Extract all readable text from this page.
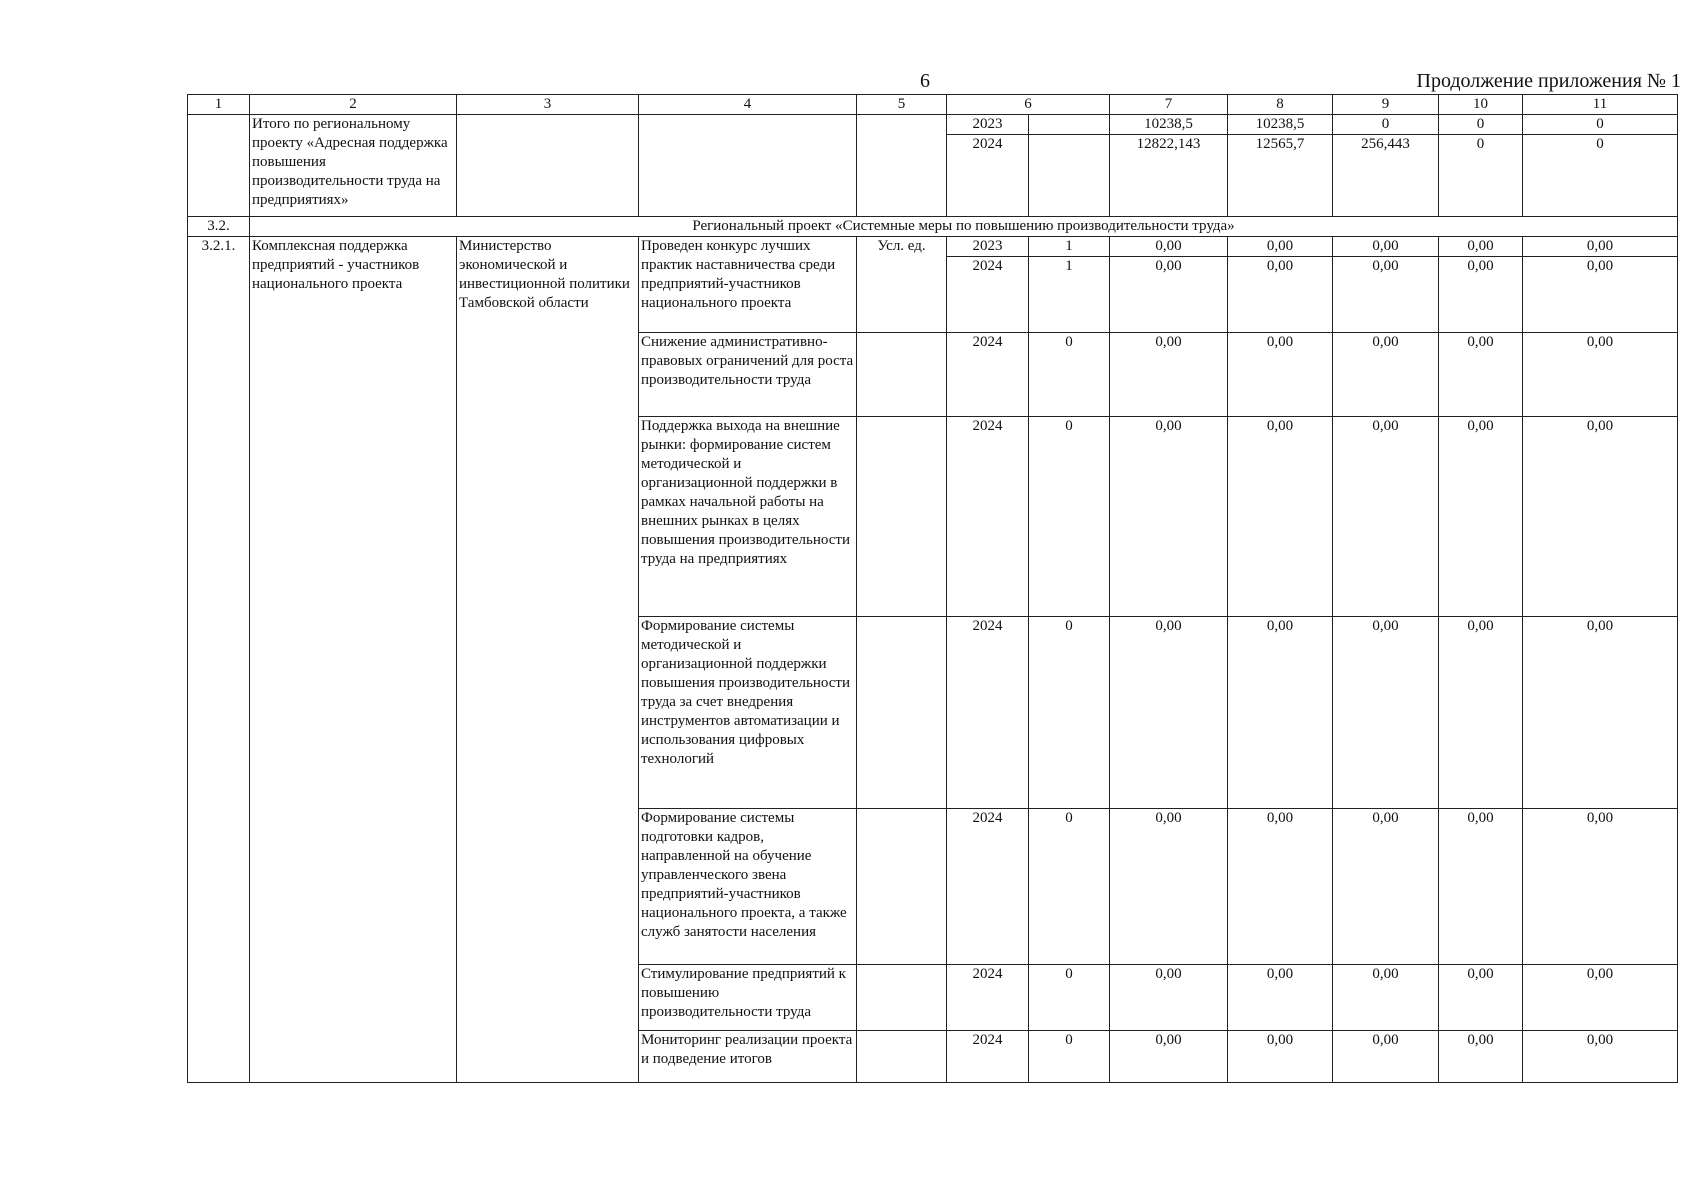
6	Продолжение приложения № 1
1	2	3	4	5	6		7	8	9	10	11
	Итого по региональному проекту «Адресная поддержка повышения производительности труда на предприятиях»				2023		10238,5	10238,5	0	0	0
					2024		12822,143	12565,7	256,443	0	0
3.2.	Региональный проект «Системные меры по повышению производительности труда»										
3.2.1.	Комплексная поддержка предприятий - участников национального проекта	Министерство экономической и инвестиционной политики Тамбовской области	Проведен конкурс лучших практик наставничества среди предприятий-участников национального проекта	Усл. ед.	2023	1	0,00	0,00	0,00	0,00	0,00
					2024	1	0,00	0,00	0,00	0,00	0,00
			Снижение административно-правовых ограничений для роста производительности труда		2024	0	0,00	0,00	0,00	0,00	0,00
			Поддержка выхода на внешние рынки: формирование систем методической и организационной поддержки в рамках начальной работы на внешних рынках в целях повышения производительности труда на предприятиях		2024	0	0,00	0,00	0,00	0,00	0,00
			Формирование системы методической и организационной поддержки повышения производительности труда за счет внедрения инструментов автоматизации и использования цифровых технологий		2024	0	0,00	0,00	0,00	0,00	0,00
			Формирование системы подготовки кадров, направленной на обучение управленческого звена предприятий-участников национального проекта, а также служб занятости населения		2024	0	0,00	0,00	0,00	0,00	0,00
			Стимулирование предприятий к повышению производительности труда		2024	0	0,00	0,00	0,00	0,00	0,00
			Мониторинг реализации проекта и подведение итогов		2024	0	0,00	0,00	0,00	0,00	0,00
